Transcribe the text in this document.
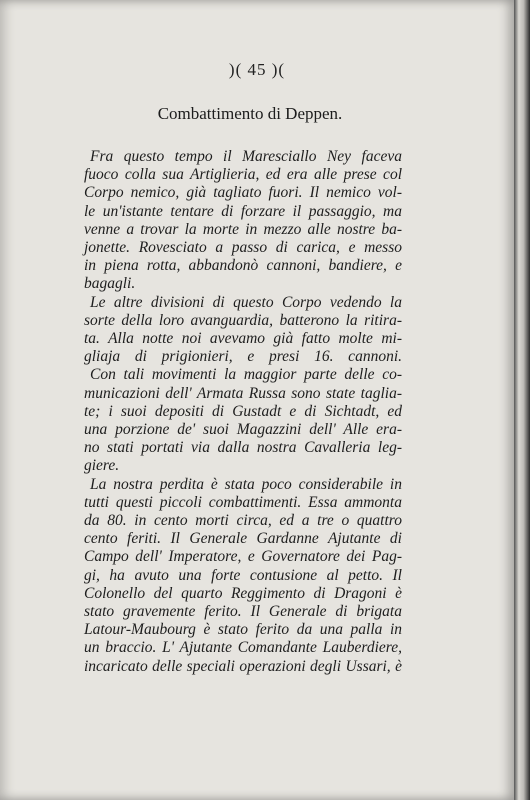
)( 45 )(
Combattimento di Deppen.
Fra questo tempo il Maresciallo Ney faceva
fuoco colla sua Artiglieria, ed era alle prese col
Corpo nemico, già tagliato fuori. Il nemico vol-
le un'istante tentare di forzare il passaggio, ma
venne a trovar la morte in mezzo alle nostre ba-
jonette. Rovesciato a passo di carica, e messo
in piena rotta, abbandonò cannoni, bandiere, e
bagagli.
Le altre divisioni di questo Corpo vedendo la
sorte della loro avanguardia, batterono la ritira-
ta. Alla notte noi avevamo già fatto molte mi-
gliaja di prigionieri, e presi 16. cannoni.
Con tali movimenti la maggior parte delle co-
municazioni dell' Armata Russa sono state taglia-
te; i suoi depositi di Gustadt e di Sichtadt, ed
una porzione de' suoi Magazzini dell' Alle era-
no stati portati via dalla nostra Cavalleria leg-
giere.
La nostra perdita è stata poco considerabile in
tutti questi piccoli combattimenti. Essa ammonta
da 80. in cento morti circa, ed a tre o quattro
cento feriti. Il Generale Gardanne Ajutante di
Campo dell' Imperatore, e Governatore dei Pag-
gi, ha avuto una forte contusione al petto. Il
Colonello del quarto Reggimento di Dragoni è
stato gravemente ferito. Il Generale di brigata
Latour-Maubourg è stato ferito da una palla in
un braccio. L' Ajutante Comandante Lauberdiere,
incaricato delle speciali operazioni degli Ussari, è
